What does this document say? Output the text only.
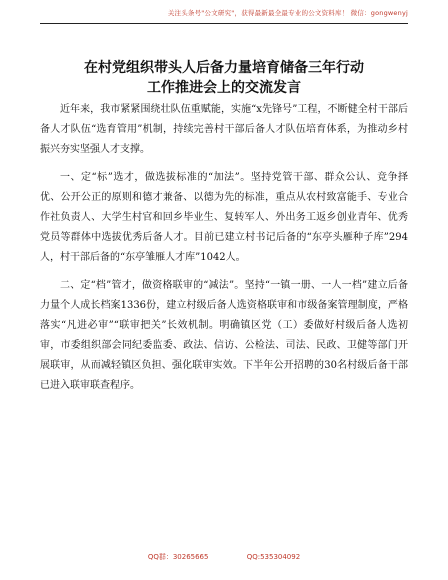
关注头条号"公文研究"，获得最新最全最专业的公文资料库！ 微信：gongwenyj
在村党组织带头人后备力量培育储备三年行动
工作推进会上的交流发言

近年来，我市紧紧围绕壮队伍重赋能，实施“x先锋号”工程，不断健全村干部后备人才队伍“选育管用”机制，持续完善村干部后备人才队伍培育体系，为推动乡村振兴夯实坚强人才支撑。

一、定“标”选才，做选拔标准的“加法”。坚持党管干部、群众公认、竞争择优、公开公正的原则和德才兼备、以德为先的标准，重点从农村致富能手、专业合作社负责人、大学生村官和回乡毕业生、复转军人、外出务工返乡创业青年、优秀党员等群体中选拔优秀后备人才。目前已建立村书记后备的“东亭头雁种子库”294人，村干部后备的“东亭雏雁人才库”1042人。

二、定“档”管才，做资格联审的“减法”。坚持“一镇一册、一人一档”建立后备力量个人成长档案1336份，建立村级后备人选资格联审和市级备案管理制度，严格落实“凡进必审”“联审把关”长效机制。明确镇区党（工）委做好村级后备人选初审，市委组织部会同纪委监委、政法、信访、公检法、司法、民政、卫健等部门开展联审，从而减轻镇区负担、强化联审实效。下半年公开招聘的30名村级后备干部已进入联审联查程序。

QQ群：30265665	QQ:535304092
